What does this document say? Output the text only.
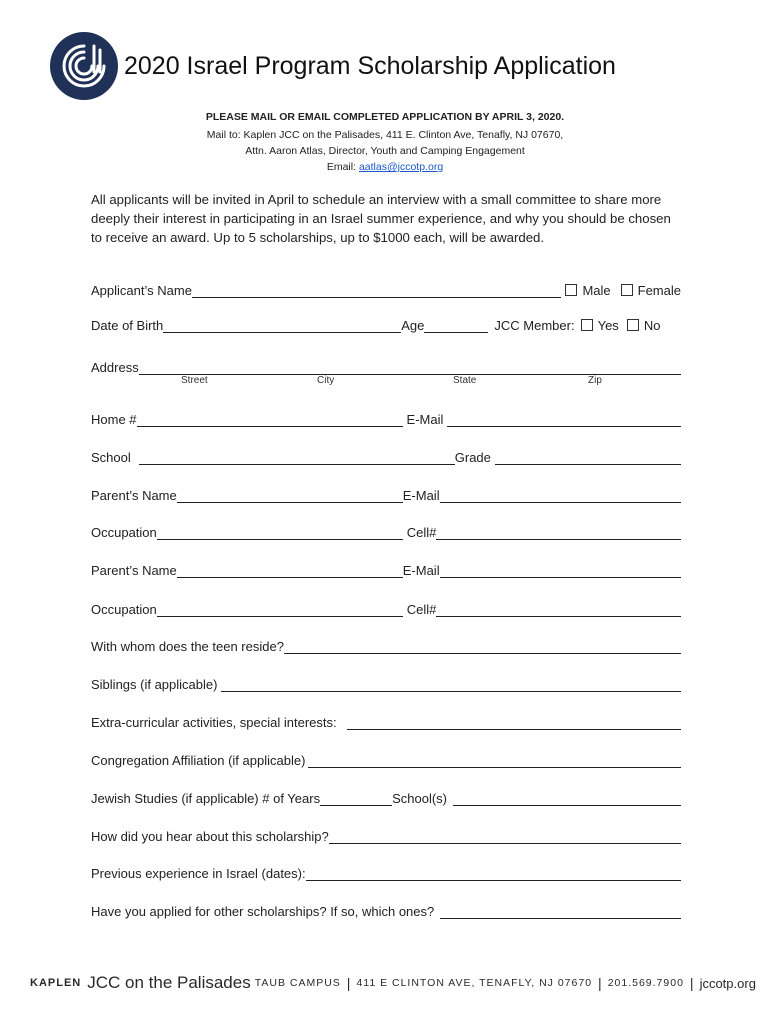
2020 Israel Program Scholarship Application
PLEASE MAIL OR EMAIL COMPLETED APPLICATION BY APRIL 3, 2020.
Mail to: Kaplen JCC on the Palisades, 411 E. Clinton Ave, Tenafly, NJ 07670,
Attn. Aaron Atlas, Director, Youth and Camping Engagement
Email: aatlas@jccotp.org
All applicants will be invited in April to schedule an interview with a small committee to share more deeply their interest in participating in an Israel summer experience, and why you should be chosen to receive an award. Up to 5 scholarships, up to $1000 each, will be awarded.
Applicant’s Name	Male Female
Date of Birth	Age	JCC Member: Yes No
Address
Street	City	State	Zip
Home #	E-Mail
School	Grade
Parent’s Name	E-Mail
Occupation	Cell#
Parent’s Name	E-Mail
Occupation	Cell#
With whom does the teen reside?
Siblings (if applicable)
Extra-curricular activities, special interests:
Congregation Affiliation (if applicable)
Jewish Studies (if applicable) # of Years	School(s)
How did you hear about this scholarship?
Previous experience in Israel (dates):
Have you applied for other scholarships? If so, which ones?
KAPLEN JCC on the Palisades TAUB CAMPUS | 411 E CLINTON AVE, TENAFLY, NJ 07670 | 201.569.7900 | jccotp.org
